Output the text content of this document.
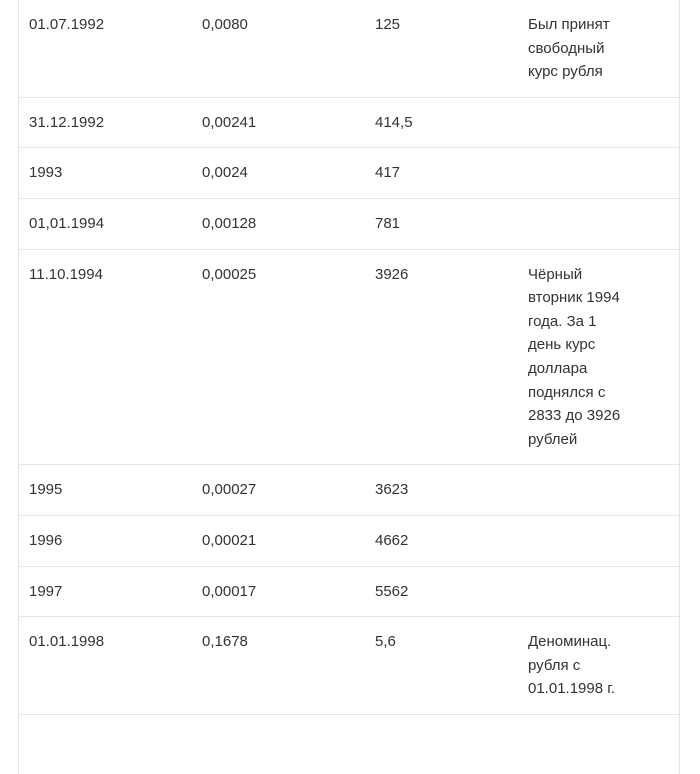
01.07.1992	0,0080	125	Был принят свободный курс рубля
31.12.1992	0,00241	414,5	
1993	0,0024	417	
01,01.1994	0,00128	781	
11.10.1994	0,00025	3926	Чёрный вторник 1994 года. За 1 день курс доллара поднялся с 2833 до 3926 рублей
1995	0,00027	3623	
1996	0,00021	4662	
1997	0,00017	5562	
01.01.1998	0,1678	5,6	Деноминац. рубля с 01.01.1998 г.
